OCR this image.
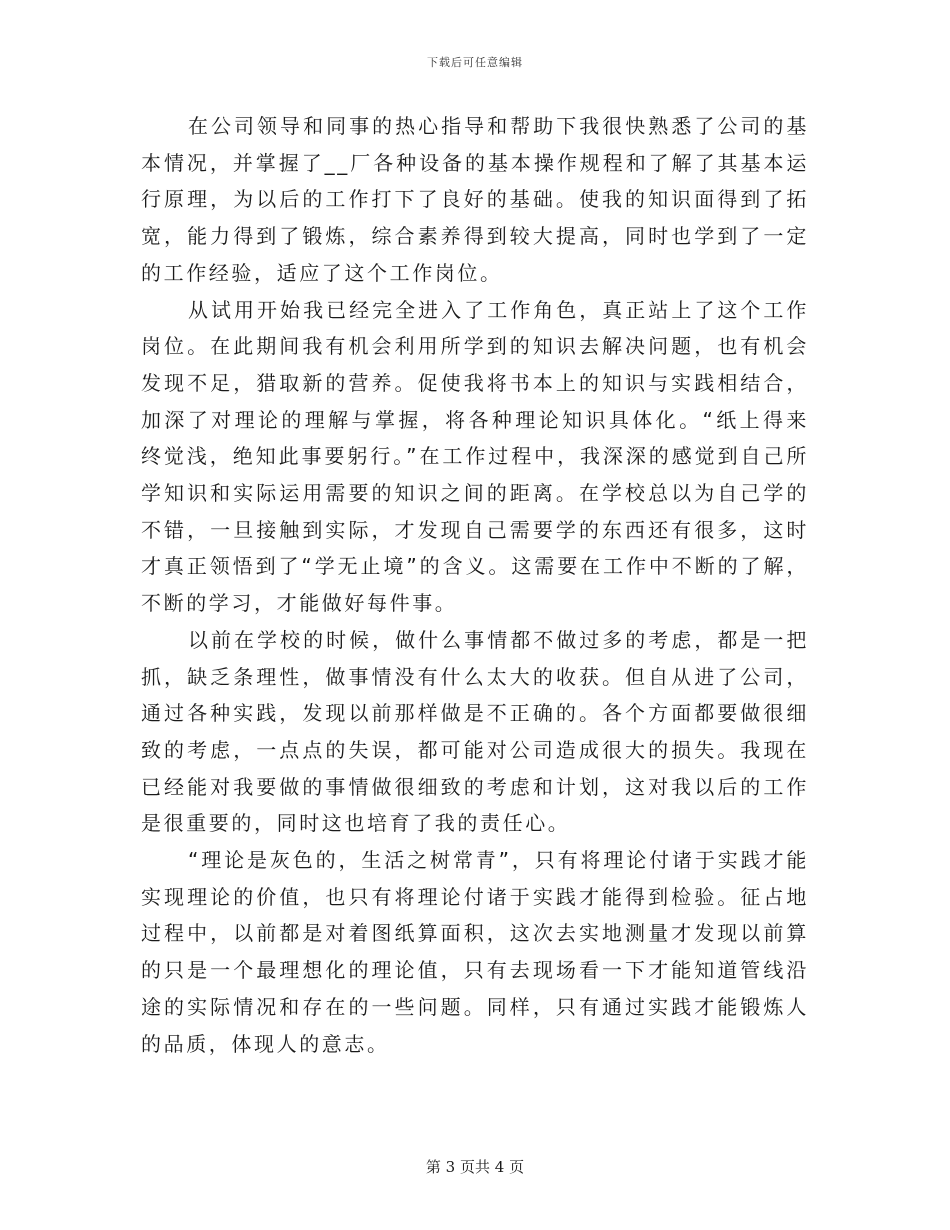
下载后可任意编辑

在公司领导和同事的热心指导和帮助下我很快熟悉了公司的基本情况，并掌握了__厂各种设备的基本操作规程和了解了其基本运行原理，为以后的工作打下了良好的基础。使我的知识面得到了拓宽，能力得到了锻炼，综合素养得到较大提高，同时也学到了一定的工作经验，适应了这个工作岗位。

从试用开始我已经完全进入了工作角色，真正站上了这个工作岗位。在此期间我有机会利用所学到的知识去解决问题，也有机会发现不足，猎取新的营养。促使我将书本上的知识与实践相结合，加深了对理论的理解与掌握，将各种理论知识具体化。“纸上得来终觉浅，绝知此事要躬行。”在工作过程中，我深深的感觉到自己所学知识和实际运用需要的知识之间的距离。在学校总以为自己学的不错，一旦接触到实际，才发现自己需要学的东西还有很多，这时才真正领悟到了“学无止境”的含义。这需要在工作中不断的了解，不断的学习，才能做好每件事。

以前在学校的时候，做什么事情都不做过多的考虑，都是一把抓，缺乏条理性，做事情没有什么太大的收获。但自从进了公司，通过各种实践，发现以前那样做是不正确的。各个方面都要做很细致的考虑，一点点的失误，都可能对公司造成很大的损失。我现在已经能对我要做的事情做很细致的考虑和计划，这对我以后的工作是很重要的，同时这也培育了我的责任心。

“理论是灰色的，生活之树常青”，只有将理论付诸于实践才能实现理论的价值，也只有将理论付诸于实践才能得到检验。征占地过程中，以前都是对着图纸算面积，这次去实地测量才发现以前算的只是一个最理想化的理论值，只有去现场看一下才能知道管线沿途的实际情况和存在的一些问题。同样，只有通过实践才能锻炼人的品质，体现人的意志。

第 3 页共 4 页
